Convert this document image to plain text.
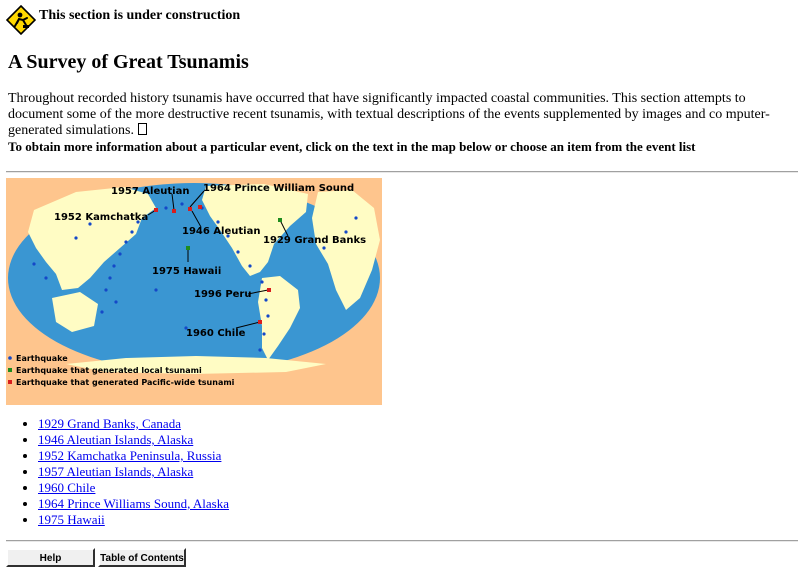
This section is under construction
A Survey of Great Tsunamis

Throughout recorded history tsunamis have occurred that have significantly impacted coastal communities. This section attempts to document some of the more destructive recent tsunamis, with textual descriptions of the events supplemented by images and co mputer-generated simulations.

To obtain more information about a particular event, click on the text in the map below or choose an item from the event list

1957 Aleutian 1964 Prince William Sound
1952 Kamchatka
1946 Aleutian
1929 Grand Banks
1975 Hawaii
1996 Peru
1960 Chile
Earthquake
Earthquake that generated local tsunami
Earthquake that generated Pacific-wide tsunami
• 1929 Grand Banks, Canada
• 1946 Aleutian Islands, Alaska
• 1952 Kamchatka Peninsula, Russia
• 1957 Aleutian Islands, Alaska
• 1960 Chile
• 1964 Prince Williams Sound, Alaska
• 1975 Hawaii
Help	Table of Contents
